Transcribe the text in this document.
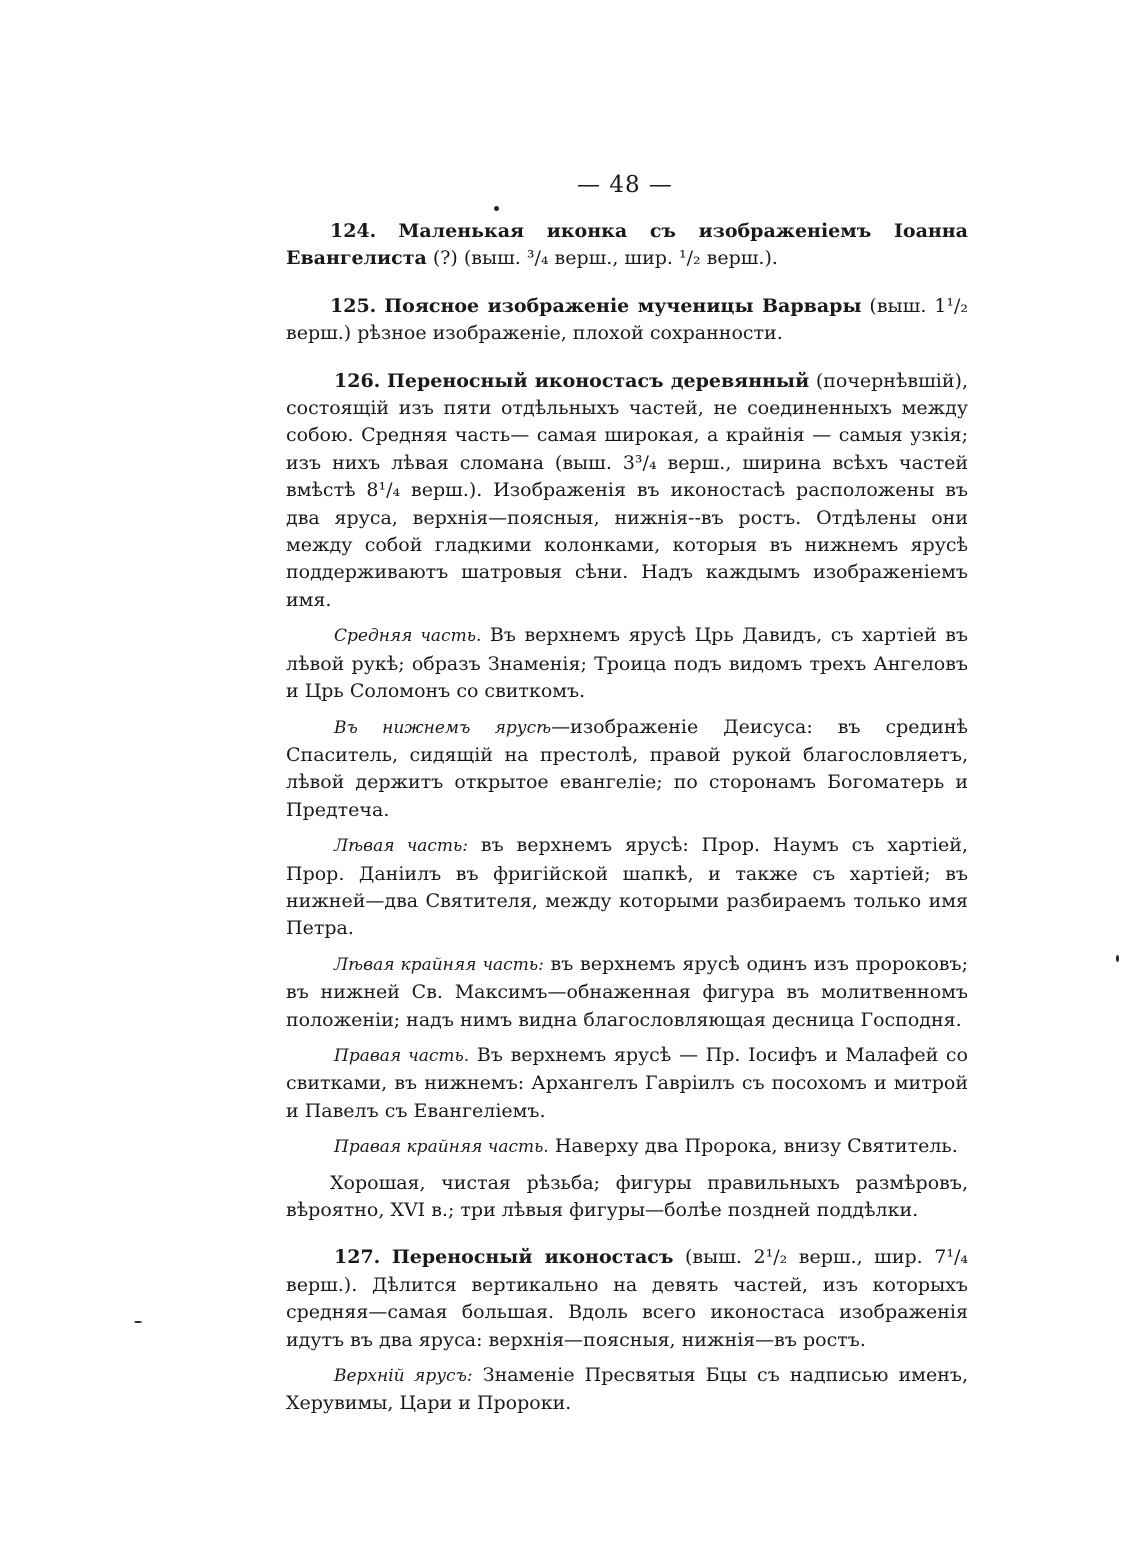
— 48 —

124. Маленькая иконка съ изображеніемъ Іоанна Евангелиста (?) (выш. ³/₄ верш., шир. ¹/₂ верш.).

125. Поясное изображеніе мученицы Варвары (выш. 1¹/₂ верш.) рѣзное изображеніе, плохой сохранности.

126. Переносный иконостасъ деревянный (почернѣвшій), состоящій изъ пяти отдѣльныхъ частей, не соединенныхъ между собою. Средняя часть— самая широкая, а крайнія — самыя узкія; изъ нихъ лѣвая сломана (выш. 3³/₄ верш., ширина всѣхъ частей вмѣстѣ 8¹/₄ верш.). Изображенія въ иконостасѣ расположены въ два яруса, верхнія—поясныя, нижнія--въ ростъ. Отдѣлены они между собой гладкими колонками, которыя въ нижнемъ ярусѣ поддерживаютъ шатровыя сѣни. Надъ каждымъ изображеніемъ имя.

Средняя часть. Въ верхнемъ ярусѣ Црь Давидъ, съ хартіей въ лѣвой рукѣ; образъ Знаменія; Троица подъ видомъ трехъ Ангеловъ и Црь Соломонъ со свиткомъ.

Въ нижнемъ ярусѣ—изображеніе Деисуса: въ срединѣ Спаситель, сидящій на престолѣ, правой рукой благословляетъ, лѣвой держитъ открытое евангеліе; по сторонамъ Богоматерь и Предтеча.

Лѣвая часть: въ верхнемъ ярусѣ: Прор. Наумъ съ хартіей, Прор. Даніилъ въ фригійской шапкѣ, и также съ хартіей; въ нижней—два Святителя, между которыми разбираемъ только имя Петра.

Лѣвая крайняя часть: въ верхнемъ ярусѣ одинъ изъ пророковъ; въ нижней Св. Максимъ—обнаженная фигура въ молитвенномъ положеніи; надъ нимъ видна благословляющая десница Господня.

Правая часть. Въ верхнемъ ярусѣ — Пр. Іосифъ и Малафей со свитками, въ нижнемъ: Архангелъ Гавріилъ съ посохомъ и митрой и Павелъ съ Евангеліемъ.

Правая крайняя часть. Наверху два Пророка, внизу Святитель.

Хорошая, чистая рѣзьба; фигуры правильныхъ размѣровъ, вѣроятно, XVI в.; три лѣвыя фигуры—болѣе поздней поддѣлки.

127. Переносный иконостасъ (выш. 2¹/₂ верш., шир. 7¹/₄ верш.). Дѣлится вертикально на девять частей, изъ которыхъ средняя—самая большая. Вдоль всего иконостаса изображенія идутъ въ два яруса: верхнія—поясныя, нижнія—въ ростъ.

Верхній ярусъ: Знаменіе Пресвятыя Бцы съ надписью именъ, Херувимы, Цари и Пророки.
